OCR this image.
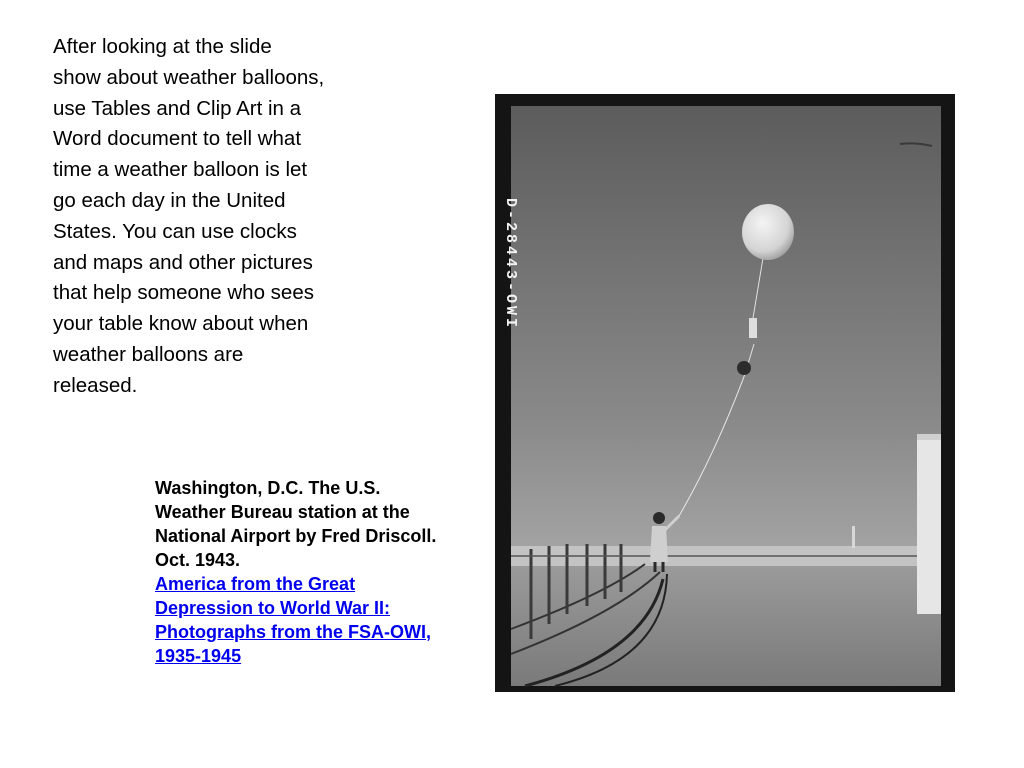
After looking at the slide

show about weather balloons,

use Tables and Clip Art in a

Word document to tell what

time a weather balloon is let

go each day in the United

States. You can use clocks

and maps and other pictures

that help someone who sees

your table know about when

weather balloons are

released.

D-28443-OWI

Washington, D.C. The U.S.

Weather Bureau station at the

National Airport by Fred Driscoll.

Oct. 1943.

America from the Great
Depression to World War II:
Photographs from the FSA-OWI,
1935-1945
